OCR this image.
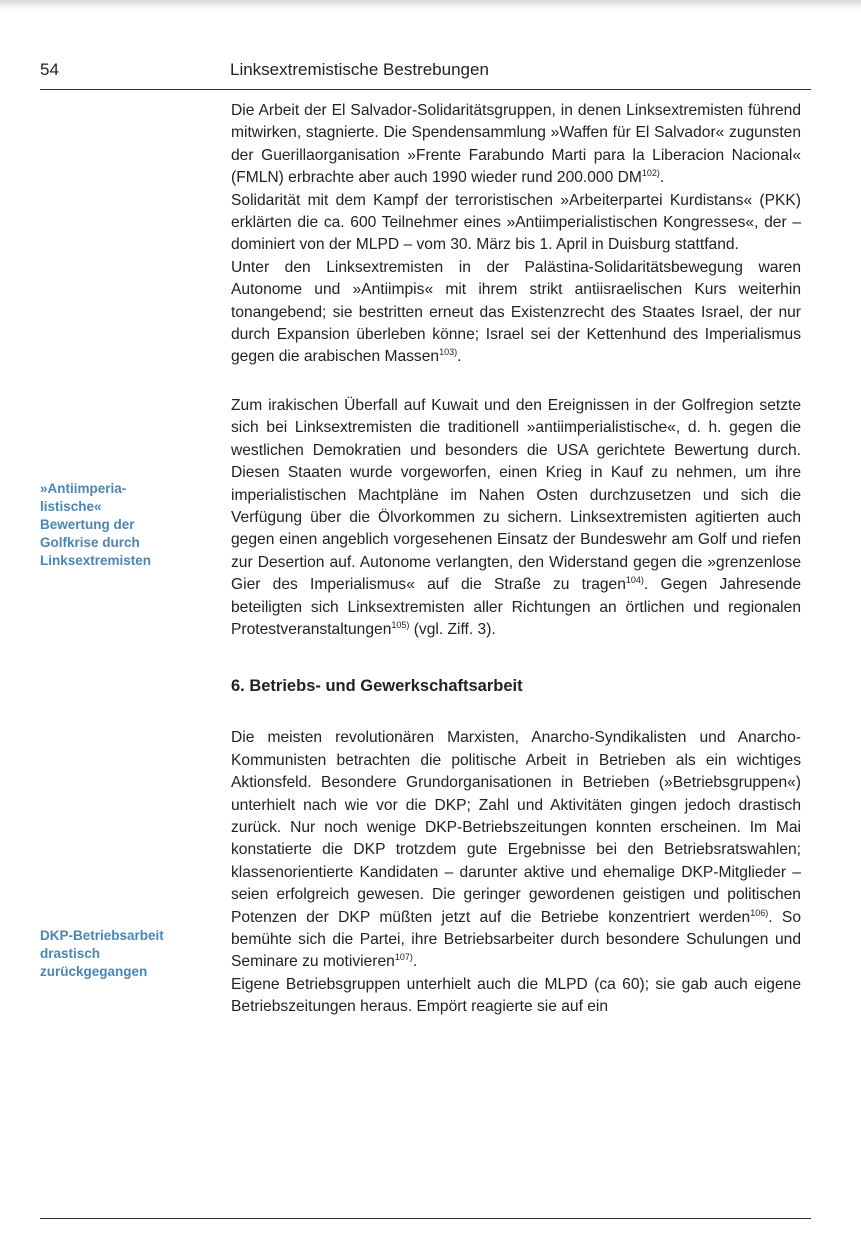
54	Linksextremistische Bestrebungen
»Antiimperia-
listische«
Bewertung der
Golfkrise durch
Linksextremisten
DKP-Betriebsarbeit
drastisch
zurückgegangen

Die Arbeit der El Salvador-Solidaritätsgruppen, in denen Linksextremisten führend mitwirken, stagnierte. Die Spendensammlung »Waffen für El Salvador« zugunsten der Guerillaorganisation »Frente Farabundo Marti para la Liberacion Nacional« (FMLN) erbrachte aber auch 1990 wieder rund 200.000 DM$^{102)}$.

Solidarität mit dem Kampf der terroristischen »Arbeiterpartei Kurdistans« (PKK) erklärten die ca. 600 Teilnehmer eines »Antiimperialistischen Kongresses«, der – dominiert von der MLPD – vom 30. März bis 1. April in Duisburg stattfand.

Unter den Linksextremisten in der Palästina-Solidaritätsbewegung waren Autonome und »Antiimpis« mit ihrem strikt antiisraelischen Kurs weiterhin tonangebend; sie bestritten erneut das Existenzrecht des Staates Israel, der nur durch Expansion überleben könne; Israel sei der Kettenhund des Imperialismus gegen die arabischen Massen$^{103)}$.

Zum irakischen Überfall auf Kuwait und den Ereignissen in der Golfregion setzte sich bei Linksextremisten die traditionell »antiimperialistische«, d. h. gegen die westlichen Demokratien und besonders die USA gerichtete Bewertung durch. Diesen Staaten wurde vorgeworfen, einen Krieg in Kauf zu nehmen, um ihre imperialistischen Machtpläne im Nahen Osten durchzusetzen und sich die Verfügung über die Ölvorkommen zu sichern. Linksextremisten agitierten auch gegen einen angeblich vorgesehenen Einsatz der Bundeswehr am Golf und riefen zur Desertion auf. Autonome verlangten, den Widerstand gegen die »grenzenlose Gier des Imperialismus« auf die Straße zu tragen$^{104)}$. Gegen Jahresende beteiligten sich Linksextremisten aller Richtungen an örtlichen und regionalen Protestveranstaltungen$^{105)}$ (vgl. Ziff. 3).

6. Betriebs- und Gewerkschaftsarbeit

Die meisten revolutionären Marxisten, Anarcho-Syndikalisten und Anarcho-Kommunisten betrachten die politische Arbeit in Betrieben als ein wichtiges Aktionsfeld. Besondere Grundorganisationen in Betrieben (»Betriebsgruppen«) unterhielt nach wie vor die DKP; Zahl und Aktivitäten gingen jedoch drastisch zurück. Nur noch wenige DKP-Betriebszeitungen konnten erscheinen. Im Mai konstatierte die DKP trotzdem gute Ergebnisse bei den Betriebsratswahlen; klassenorientierte Kandidaten – darunter aktive und ehemalige DKP-Mitglieder – seien erfolgreich gewesen. Die geringer gewordenen geistigen und politischen Potenzen der DKP müßten jetzt auf die Betriebe konzentriert werden$^{106)}$. So bemühte sich die Partei, ihre Betriebsarbeiter durch besondere Schulungen und Seminare zu motivieren$^{107)}$.

Eigene Betriebsgruppen unterhielt auch die MLPD (ca 60); sie gab auch eigene Betriebszeitungen heraus. Empört reagierte sie auf ein
